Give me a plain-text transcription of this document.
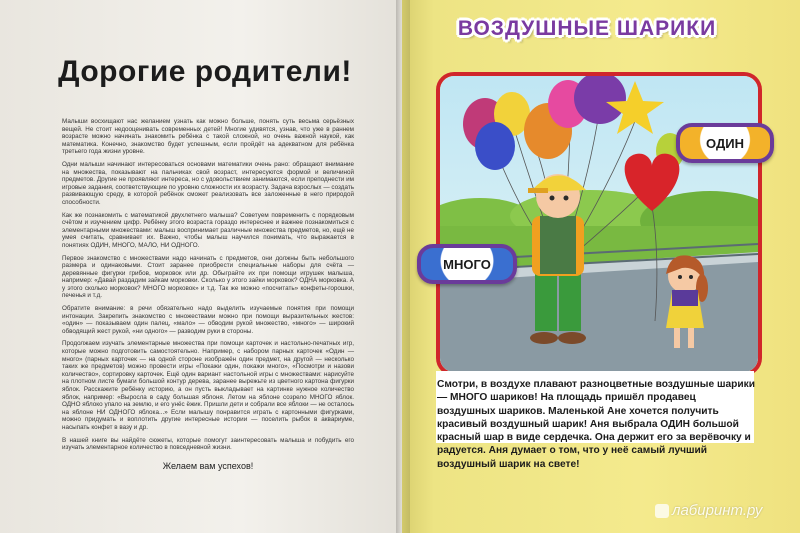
Дорогие родители!

Малыши восхищают нас желанием узнать как можно больше, понять суть весьма серьёзных вещей. Не стоит недооценивать современных детей! Многие удивятся, узнав, что уже в раннем возрасте можно начинать знакомить ребёнка с такой сложной, но очень важной наукой, как математика. Конечно, знакомство будет успешным, если пройдёт на адекватном для ребёнка третьего года жизни уровне.

Одни малыши начинают интересоваться основами математики очень рано: обращают внимание на множества, показывают на пальчиках свой возраст, интересуются формой и величиной предметов. Другие не проявляют интереса, но с удовольствием занимаются, если преподнести им игровые задания, соответствующие по уровню сложности их возрасту. Задача взрослых — создать развивающую среду, в которой ребёнок сможет реализовать все заложенные в него природой способности.

Как же познакомить с математикой двухлетнего малыша? Советуем повременить с порядковым счётом и изучением цифр. Ребёнку этого возраста гораздо интереснее и важнее познакомиться с элементарными множествами: малыш воспринимает различные множества предметов, но, ещё не умея считать, сравнивает их. Важно, чтобы малыш научился понимать, что выражается в понятиях ОДИН, МНОГО, МАЛО, НИ ОДНОГО.

Первое знакомство с множествами надо начинать с предметов, они должны быть небольшого размера и одинаковыми. Стоит заранее приобрести специальные наборы для счёта — деревянные фигурки грибов, морковок или др. Обыграйте их при помощи игрушек малыша, например: «Давай раздадим зайкам морковки. Сколько у этого зайки морковок? ОДНА морковка. А у этого сколько морковок? МНОГО морковок» и т.д. Так же можно «посчитать» конфеты-горошки, печенья и т.д.

Обратите внимание: в речи обязательно надо выделить изучаемые понятия при помощи интонации. Закрепить знакомство с множествами можно при помощи выразительных жестов: «один» — показываем один палец, «мало» — обводим рукой множество, «много» — широкий обводящий жест рукой, «ни одного» — разводим руки в стороны.

Продолжаем изучать элементарные множества при помощи карточек и настольно-печатных игр, которые можно подготовить самостоятельно. Например, с набором парных карточек «Один — много» (парных карточек — на одной стороне изображён один предмет, на другой — несколько таких же предметов) можно провести игры «Покажи один, покажи много», «Посмотри и назови количество», сортировку карточек. Ещё один вариант настольной игры с множествами: нарисуйте на плотном листе бумаги большой контур дерева, заранее вырежьте из цветного картона фигурки яблок. Расскажите ребёнку историю, а он пусть выкладывает на картинке нужное количество яблок, например: «Выросла в саду большая яблоня. Летом на яблоне созрело МНОГО яблок. ОДНО яблоко упало на землю, и его унёс ёжик. Пришли дети и собрали все яблоки — не осталось на яблоне НИ ОДНОГО яблока...» Если малышу понравится играть с картонными фигурками, можно придумать и воплотить другие интересные истории — поселить рыбок в аквариуме, насыпать конфет в вазу и др.

В нашей книге вы найдёте сюжеты, которые помогут заинтересовать малыша и побудить его изучать элементарное количество в повседневной жизни.

Желаем вам успехов!
ВОЗДУШНЫЕ ШАРИКИ
ОДИН
МНОГО
Смотри, в воздухе плавают разноцветные воздушные шарики — МНОГО шариков! На площадь пришёл продавец воздушных шариков. Маленькой Ане хочется получить красивый воздушный шарик! Аня выбрала ОДИН большой красный шар в виде сердечка. Она держит его за верёвочку и радуется. Аня думает о том, что у неё самый лучший воздушный шарик на свете!
лабиринт.ру
